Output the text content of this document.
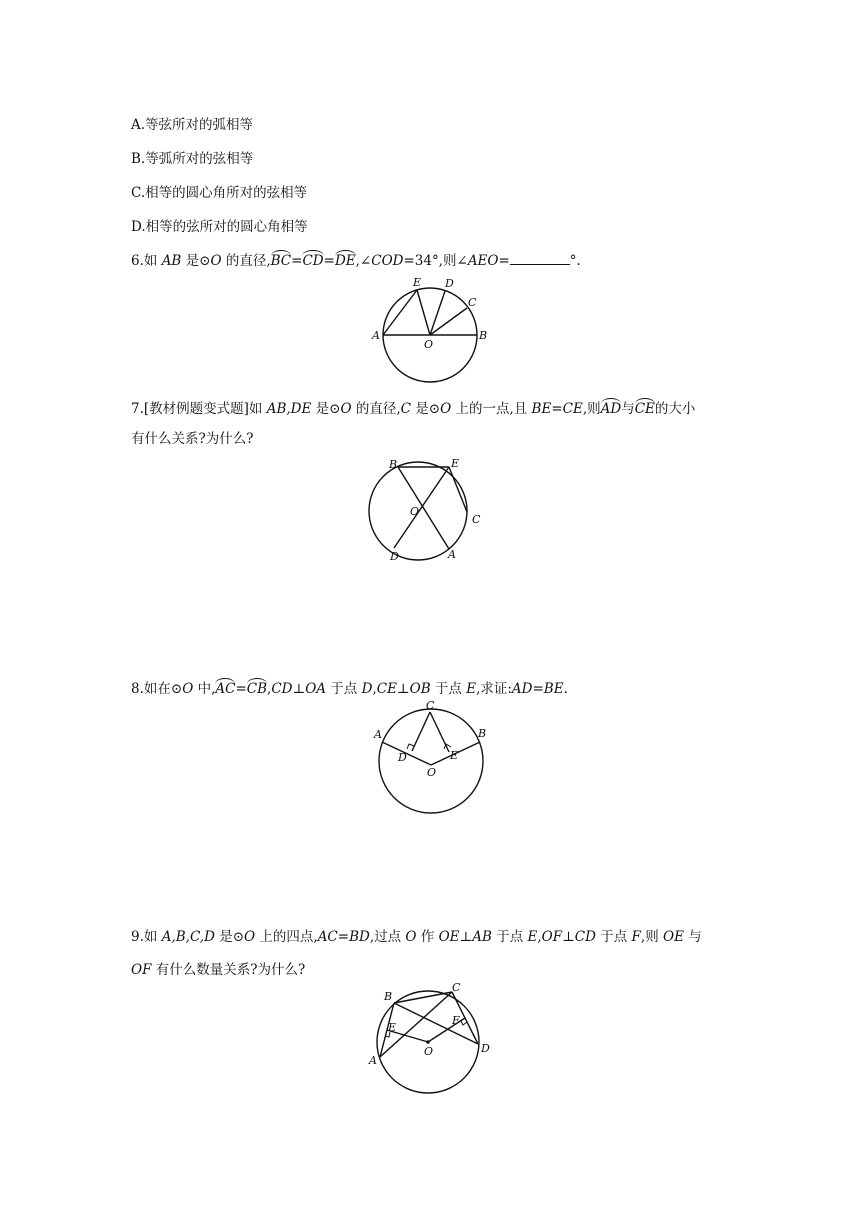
A.等弦所对的弧相等
B.等弧所对的弦相等
C.相等的圆心角所对的弦相等
D.相等的弦所对的圆心角相等
6.如 AB 是⊙O 的直径,BC=CD=DE,∠COD=34°,则∠AEO=	°.
A	B
C
D
E
O
7.[教材例题变式题]如 AB,DE 是⊙O 的直径,C 是⊙O 上的一点,且 BE=CE,则AD与CE的大小
有什么关系?为什么?
B	E
C
O
D	A
8.如在⊙O 中,AC=CB,CD⊥OA 于点 D,CE⊥OB 于点 E,求证:AD=BE.
A	B
C
D	E
O
9.如 A,B,C,D 是⊙O 上的四点,AC=BD,过点 O 作 OE⊥AB 于点 E,OF⊥CD 于点 F,则 OE 与
OF 有什么数量关系?为什么?
A
B
C
D
E
F
O
